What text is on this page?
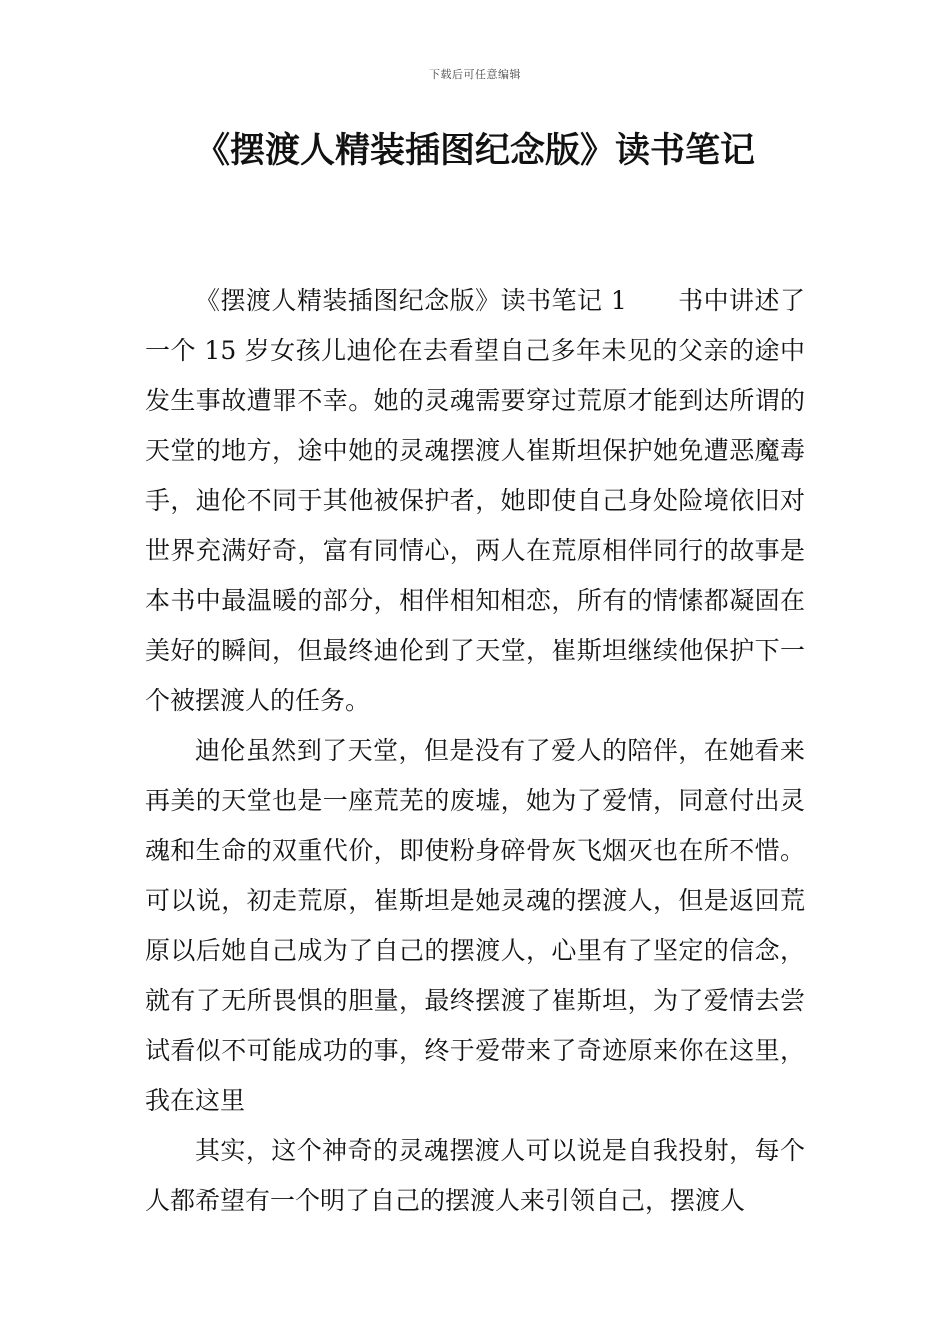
下载后可任意编辑
《摆渡人精装插图纪念版》读书笔记

《摆渡人精装插图纪念版》读书笔记 1　　书中讲述了一个 15 岁女孩儿迪伦在去看望自己多年未见的父亲的途中发生事故遭罪不幸。她的灵魂需要穿过荒原才能到达所谓的天堂的地方，途中她的灵魂摆渡人崔斯坦保护她免遭恶魔毒手，迪伦不同于其他被保护者，她即使自己身处险境依旧对世界充满好奇，富有同情心，两人在荒原相伴同行的故事是本书中最温暖的部分，相伴相知相恋，所有的情愫都凝固在美好的瞬间，但最终迪伦到了天堂，崔斯坦继续他保护下一个被摆渡人的任务。

迪伦虽然到了天堂，但是没有了爱人的陪伴，在她看来再美的天堂也是一座荒芜的废墟，她为了爱情，同意付出灵魂和生命的双重代价，即使粉身碎骨灰飞烟灭也在所不惜。可以说，初走荒原，崔斯坦是她灵魂的摆渡人，但是返回荒原以后她自己成为了自己的摆渡人，心里有了坚定的信念，就有了无所畏惧的胆量，最终摆渡了崔斯坦，为了爱情去尝试看似不可能成功的事，终于爱带来了奇迹原来你在这里，我在这里

其实，这个神奇的灵魂摆渡人可以说是自我投射，每个人都希望有一个明了自己的摆渡人来引领自己，摆渡人
